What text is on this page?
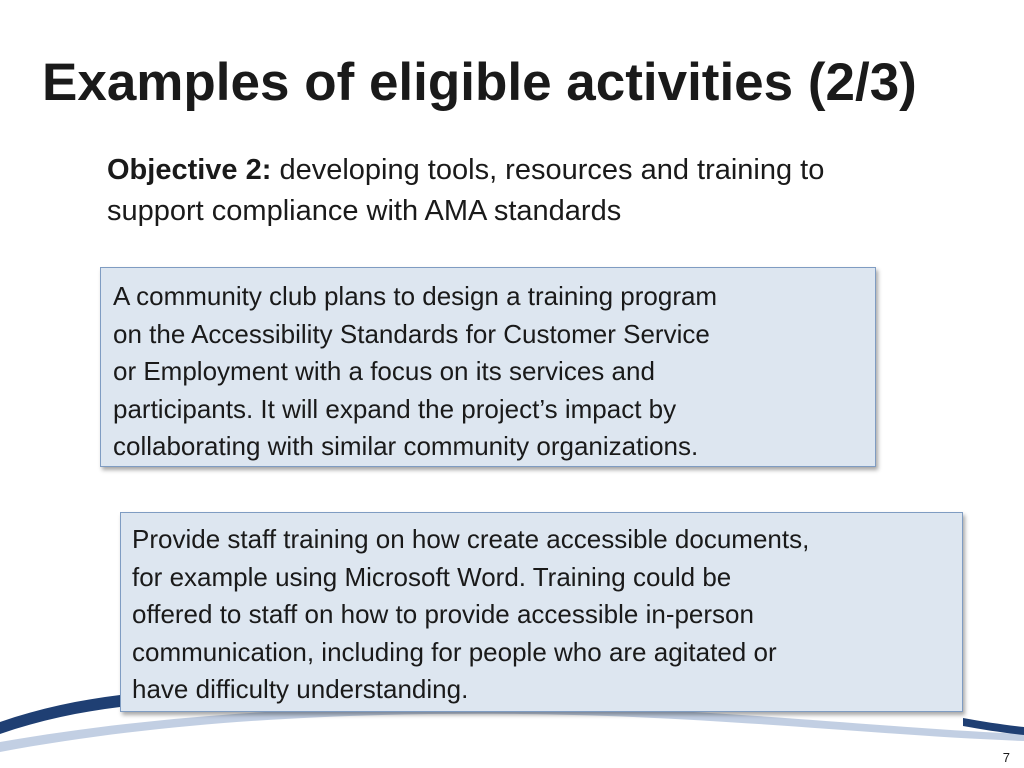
Examples of eligible activities (2/3)
Objective 2: developing tools, resources and training to support compliance with AMA standards
A community club plans to design a training program
on the Accessibility Standards for Customer Service
or Employment with a focus on its services and
participants. It will expand the project’s impact by
collaborating with similar community organizations.
Provide staff training on how create accessible documents,
for example using Microsoft Word. Training could be
offered to staff on how to provide accessible in-person
communication, including for people who are agitated or
have difficulty understanding.
7
